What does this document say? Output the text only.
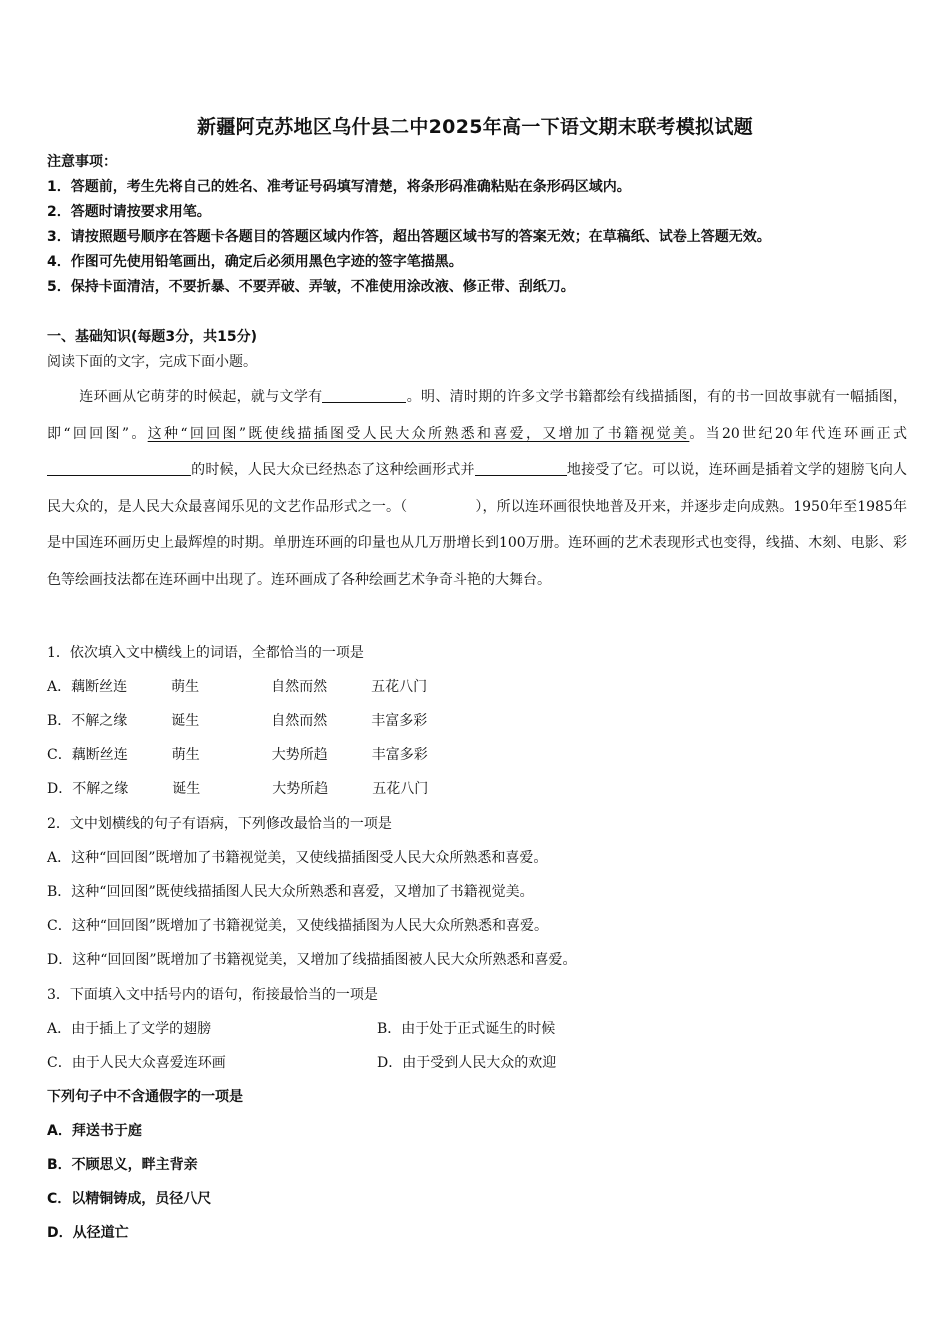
新疆阿克苏地区乌什县二中2025年高一下语文期末联考模拟试题
注意事项：
1．答题前，考生先将自己的姓名、准考证号码填写清楚，将条形码准确粘贴在条形码区域内。
2．答题时请按要求用笔。
3．请按照题号顺序在答题卡各题目的答题区域内作答，超出答题区域书写的答案无效；在草稿纸、试卷上答题无效。
4．作图可先使用铅笔画出，确定后必须用黑色字迹的签字笔描黑。
5．保持卡面清洁，不要折暴、不要弄破、弄皱，不准使用涂改液、修正带、刮纸刀。
一、基础知识(每题3分，共15分)
阅读下面的文字，完成下面小题。
连环画从它萌芽的时候起，就与文学有	。明、清时期的许多文学书籍都绘有线描插图，有的书一回故事就有一幅插图，即“回回图”。这种“回回图”既使线描插图受人民大众所熟悉和喜爱，又增加了书籍视觉美。当20世纪20年代连环画正式的时候，人民大众已经热态了这种绘画形式并	地接受了它。可以说，连环画是插着文学的翅膀飞向人民大众的，是人民大众最喜闻乐见的文艺作品形式之一。（	），所以连环画很快地普及开来，并逐步走向成熟。1950年至1985年是中国连环画历史上最辉煌的时期。单册连环画的印量也从几万册增长到100万册。连环画的艺术表现形式也变得，线描、木刻、电影、彩色等绘画技法都在连环画中出现了。连环画成了各种绘画艺术争奇斗艳的大舞台。
1．依次填入文中横线上的词语，全都恰当的一项是
A．藕断丝连	萌生	自然而然	五花八门
B．不解之缘	诞生	自然而然	丰富多彩
C．藕断丝连	萌生	大势所趋	丰富多彩
D．不解之缘	诞生	大势所趋	五花八门
2．文中划横线的句子有语病，下列修改最恰当的一项是
A．这种“回回图”既增加了书籍视觉美，又使线描插图受人民大众所熟悉和喜爱。
B．这种“回回图”既使线描插图人民大众所熟悉和喜爱，又增加了书籍视觉美。
C．这种“回回图”既增加了书籍视觉美，又使线描插图为人民大众所熟悉和喜爱。
D．这种“回回图”既增加了书籍视觉美，又增加了线描插图被人民大众所熟悉和喜爱。
3．下面填入文中括号内的语句，衔接最恰当的一项是
A．由于插上了文学的翅膀	B．由于处于正式诞生的时候
C．由于人民大众喜爱连环画	D．由于受到人民大众的欢迎
下列句子中不含通假字的一项是
A．拜送书于庭
B．不顾思义，畔主背亲
C．以精铜铸成，员径八尺
D．从径道亡
